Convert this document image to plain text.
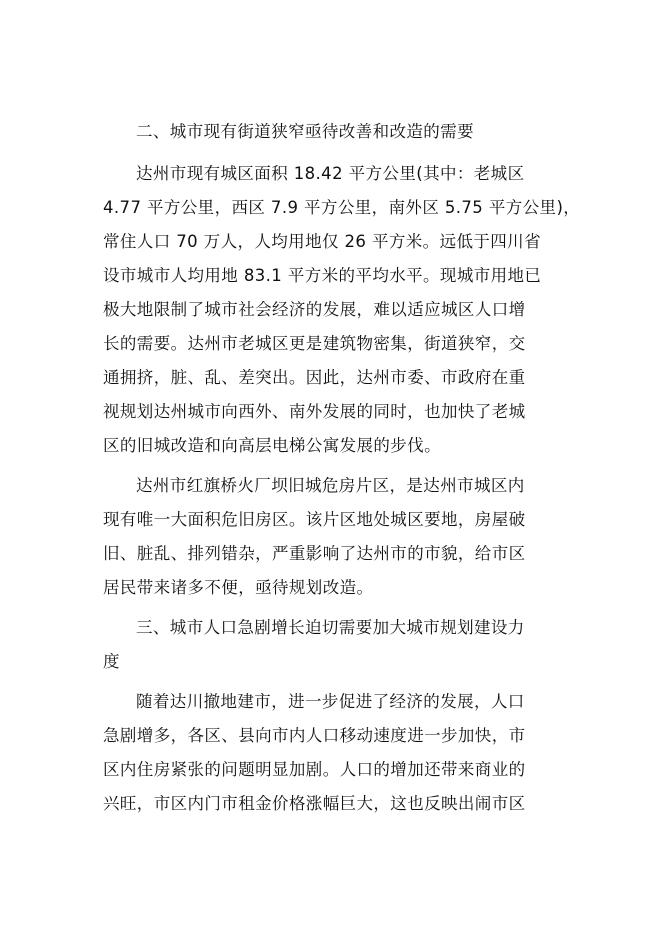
二、城市现有街道狭窄亟待改善和改造的需要
达州市现有城区面积 18.42 平方公里(其中：老城区
4.77 平方公里，西区 7.9 平方公里，南外区 5.75 平方公里)，
常住人口 70 万人，人均用地仅 26 平方米。远低于四川省
设市城市人均用地 83.1 平方米的平均水平。现城市用地已
极大地限制了城市社会经济的发展，难以适应城区人口增
长的需要。达州市老城区更是建筑物密集，街道狭窄，交
通拥挤，脏、乱、差突出。因此，达州市委、市政府在重
视规划达州城市向西外、南外发展的同时，也加快了老城
区的旧城改造和向高层电梯公寓发展的步伐。
达州市红旗桥火厂坝旧城危房片区，是达州市城区内
现有唯一大面积危旧房区。该片区地处城区要地，房屋破
旧、脏乱、排列错杂，严重影响了达州市的市貌，给市区
居民带来诸多不便，亟待规划改造。
三、城市人口急剧增长迫切需要加大城市规划建设力
度
随着达川撤地建市，进一步促进了经济的发展，人口
急剧增多，各区、县向市内人口移动速度进一步加快，市
区内住房紧张的问题明显加剧。人口的增加还带来商业的
兴旺，市区内门市租金价格涨幅巨大，这也反映出闹市区
